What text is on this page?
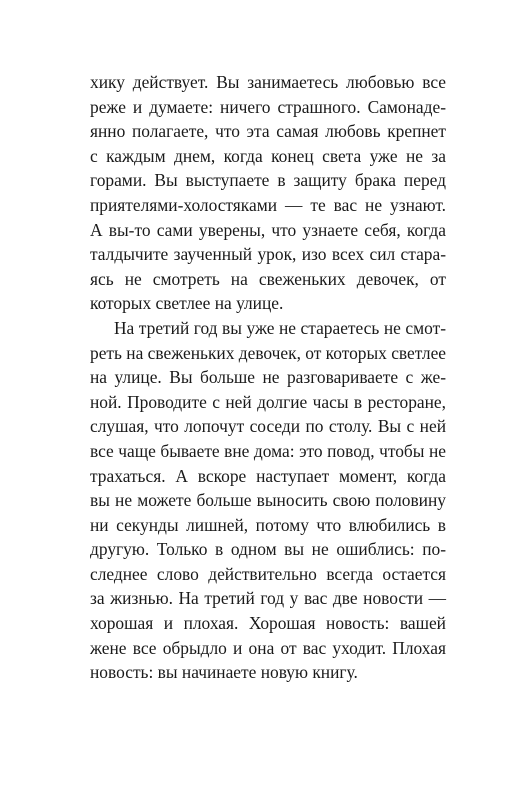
хику действует. Вы занимаетесь любовью все
реже и думаете: ничего страшного. Самонаде-
янно полагаете, что эта самая любовь крепнет
с каждым днем, когда конец света уже не за
горами. Вы выступаете в защиту брака перед
приятелями-холостяками — те вас не узнают.
А вы-то сами уверены, что узнаете себя, когда
талдычите заученный урок, изо всех сил стара-
ясь не смотреть на свеженьких девочек, от
которых светлее на улице.
На третий год вы уже не стараетесь не смот-
реть на свеженьких девочек, от которых светлее
на улице. Вы больше не разговариваете с же-
ной. Проводите с ней долгие часы в ресторане,
слушая, что лопочут соседи по столу. Вы с ней
все чаще бываете вне дома: это повод, чтобы не
трахаться. А вскоре наступает момент, когда
вы не можете больше выносить свою половину
ни секунды лишней, потому что влюбились в
другую. Только в одном вы не ошиблись: по-
следнее слово действительно всегда остается
за жизнью. На третий год у вас две новости —
хорошая и плохая. Хорошая новость: вашей
жене все обрыдло и она от вас уходит. Плохая
новость: вы начинаете новую книгу.
